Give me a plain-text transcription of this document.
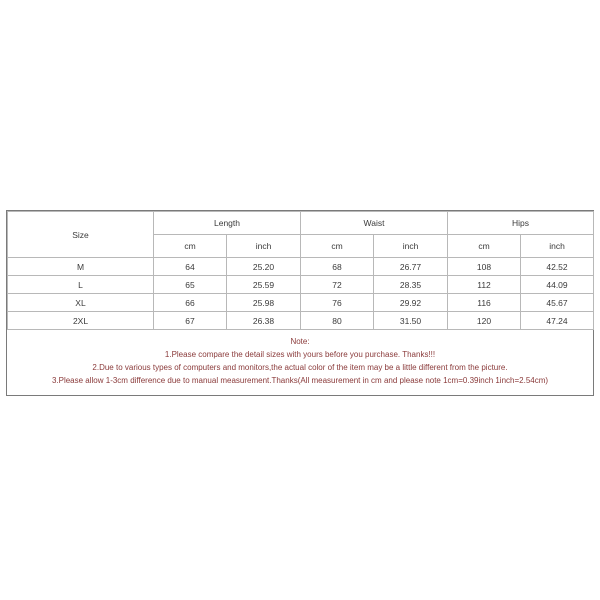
Size	Length		Waist		Hips	
	cm	inch	cm	inch	cm	inch
M	64	25.20	68	26.77	108	42.52
L	65	25.59	72	28.35	112	44.09
XL	66	25.98	76	29.92	116	45.67
2XL	67	26.38	80	31.50	120	47.24
Note:
1.Please compare the detail sizes with yours before you purchase. Thanks!!!
2.Due to various types of computers and monitors,the actual color of the item may be a little different from the picture.
3.Please allow 1-3cm difference due to manual measurement.Thanks(All measurement in cm and please note 1cm=0.39inch 1inch=2.54cm)
